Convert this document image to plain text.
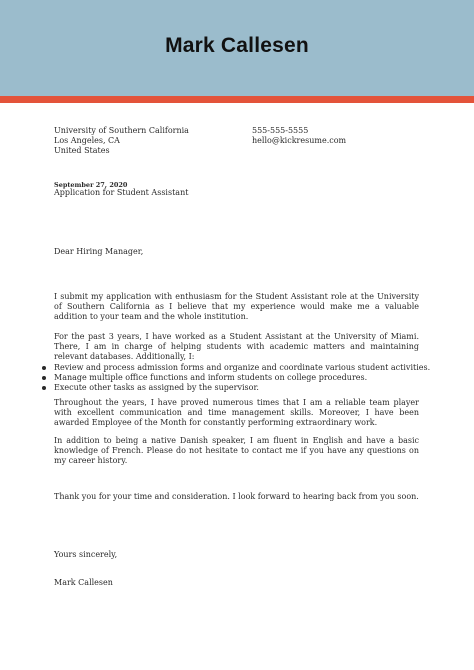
Mark Callesen
University of Southern California
Los Angeles, CA
United States
555-555-5555
hello@kickresume.com
September 27, 2020
Application for Student Assistant
Dear Hiring Manager,
I submit my application with enthusiasm for the Student Assistant role at the University of Southern California as I believe that my experience would make me a valuable addition to your team and the whole institution.
For the past 3 years, I have worked as a Student Assistant at the University of Miami. There, I am in charge of helping students with academic matters and maintaining relevant databases. Additionally, I:
Review and process admission forms and organize and coordinate various student activities.
Manage multiple office functions and inform students on college procedures.
Execute other tasks as assigned by the supervisor.
Throughout the years, I have proved numerous times that I am a reliable team player with excellent communication and time management skills. Moreover, I have been awarded Employee of the Month for constantly performing extraordinary work.
In addition to being a native Danish speaker, I am fluent in English and have a basic knowledge of French. Please do not hesitate to contact me if you have any questions on my career history.
Thank you for your time and consideration. I look forward to hearing back from you soon.
Yours sincerely,
Mark Callesen
